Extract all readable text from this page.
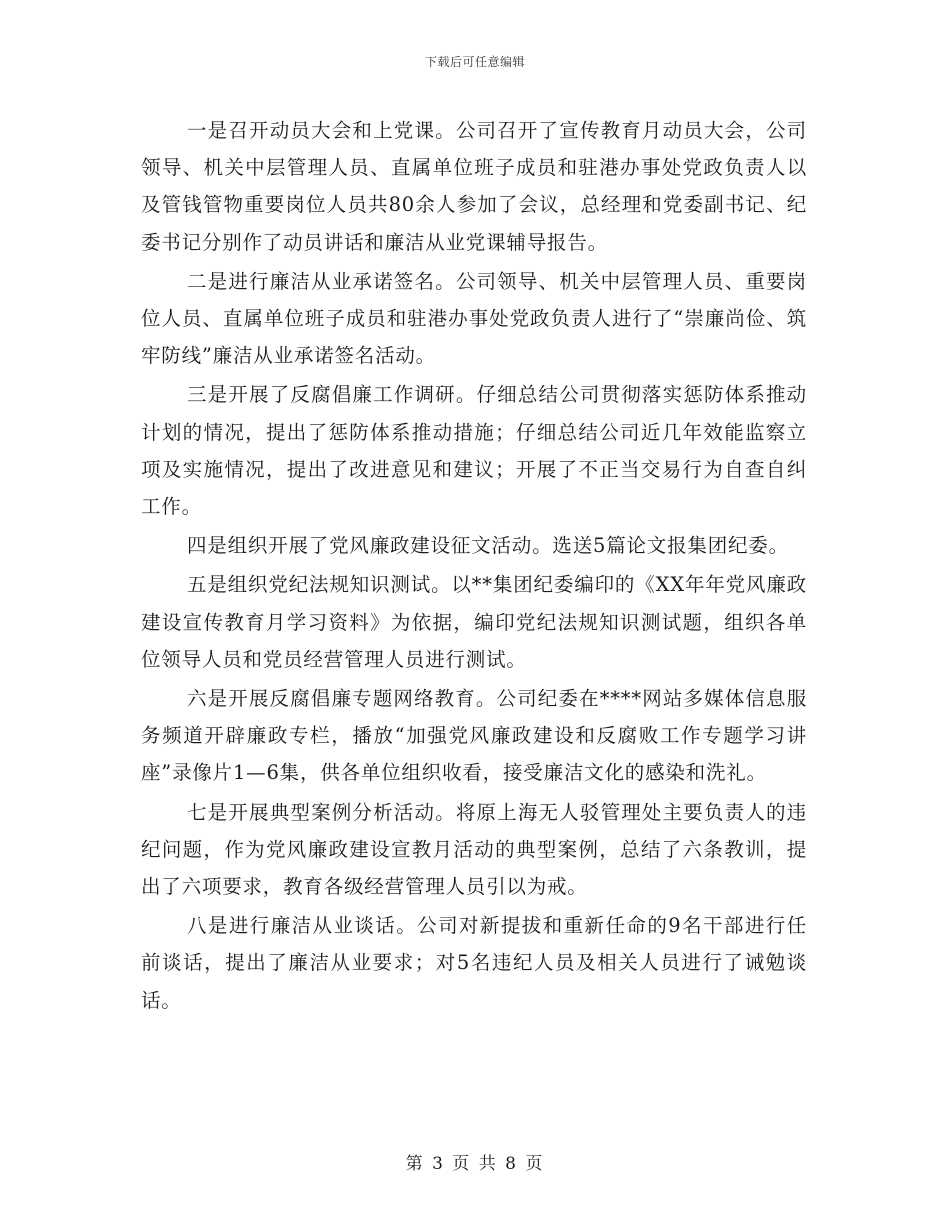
下载后可任意编辑

一是召开动员大会和上党课。公司召开了宣传教育月动员大会，公司领导、机关中层管理人员、直属单位班子成员和驻港办事处党政负责人以及管钱管物重要岗位人员共80余人参加了会议，总经理和党委副书记、纪委书记分别作了动员讲话和廉洁从业党课辅导报告。

二是进行廉洁从业承诺签名。公司领导、机关中层管理人员、重要岗位人员、直属单位班子成员和驻港办事处党政负责人进行了“崇廉尚俭、筑牢防线”廉洁从业承诺签名活动。

三是开展了反腐倡廉工作调研。仔细总结公司贯彻落实惩防体系推动计划的情况，提出了惩防体系推动措施；仔细总结公司近几年效能监察立项及实施情况，提出了改进意见和建议；开展了不正当交易行为自查自纠工作。

四是组织开展了党风廉政建设征文活动。选送5篇论文报集团纪委。

五是组织党纪法规知识测试。以**集团纪委编印的《XX年年党风廉政建设宣传教育月学习资料》为依据，编印党纪法规知识测试题，组织各单位领导人员和党员经营管理人员进行测试。

六是开展反腐倡廉专题网络教育。公司纪委在****网站多媒体信息服务频道开辟廉政专栏，播放“加强党风廉政建设和反腐败工作专题学习讲座”录像片1—6集，供各单位组织收看，接受廉洁文化的感染和洗礼。

七是开展典型案例分析活动。将原上海无人驳管理处主要负责人的违纪问题，作为党风廉政建设宣教月活动的典型案例，总结了六条教训，提出了六项要求，教育各级经营管理人员引以为戒。

八是进行廉洁从业谈话。公司对新提拔和重新任命的9名干部进行任前谈话，提出了廉洁从业要求；对5名违纪人员及相关人员进行了诫勉谈话。

第 3 页 共 8 页
